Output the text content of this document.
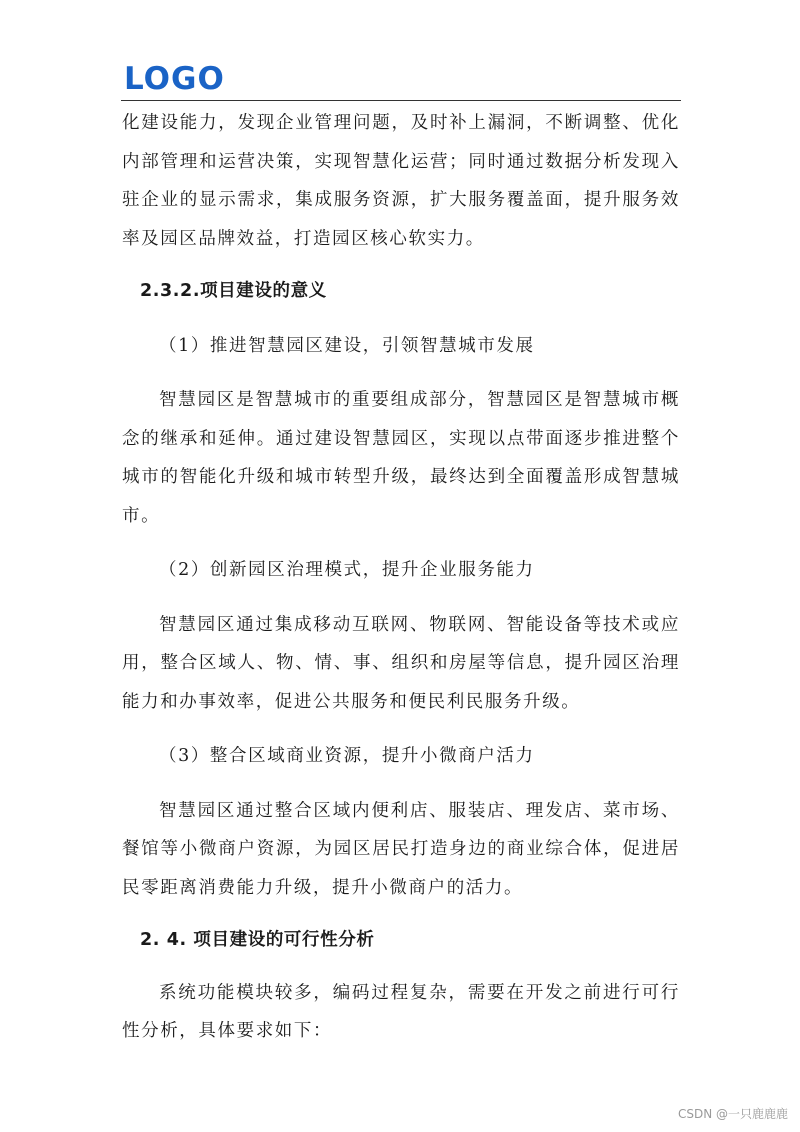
LOGO

化建设能力，发现企业管理问题，及时补上漏洞，不断调整、优化内部管理和运营决策，实现智慧化运营；同时通过数据分析发现入驻企业的显示需求，集成服务资源，扩大服务覆盖面，提升服务效率及园区品牌效益，打造园区核心软实力。

2.3.2.项目建设的意义

（1）推进智慧园区建设，引领智慧城市发展

智慧园区是智慧城市的重要组成部分，智慧园区是智慧城市概念的继承和延伸。通过建设智慧园区，实现以点带面逐步推进整个城市的智能化升级和城市转型升级，最终达到全面覆盖形成智慧城市。

（2）创新园区治理模式，提升企业服务能力

智慧园区通过集成移动互联网、物联网、智能设备等技术或应用，整合区域人、物、情、事、组织和房屋等信息，提升园区治理能力和办事效率，促进公共服务和便民利民服务升级。

（3）整合区域商业资源，提升小微商户活力

智慧园区通过整合区域内便利店、服装店、理发店、菜市场、餐馆等小微商户资源，为园区居民打造身边的商业综合体，促进居民零距离消费能力升级，提升小微商户的活力。

2. 4. 项目建设的可行性分析

系统功能模块较多，编码过程复杂，需要在开发之前进行可行性分析，具体要求如下：

CSDN @一只鹿鹿鹿
